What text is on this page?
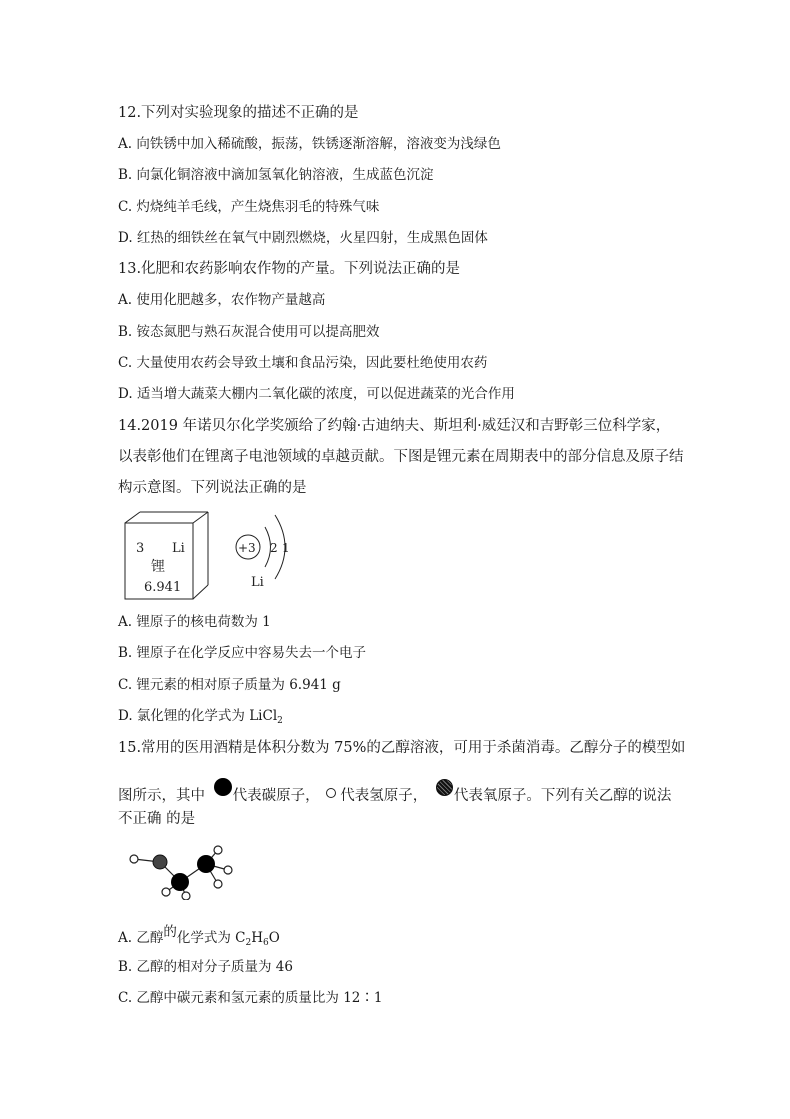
12.下列对实验现象的描述不正确的是
A. 向铁锈中加入稀硫酸，振荡，铁锈逐渐溶解，溶液变为浅绿色
B. 向氯化铜溶液中滴加氢氧化钠溶液，生成蓝色沉淀
C. 灼烧纯羊毛线，产生烧焦羽毛的特殊气味
D. 红热的细铁丝在氧气中剧烈燃烧，火星四射，生成黑色固体
13.化肥和农药影响农作物的产量。下列说法正确的是
A. 使用化肥越多，农作物产量越高
B. 铵态氮肥与熟石灰混合使用可以提高肥效
C. 大量使用农药会导致土壤和食品污染，因此要杜绝使用农药
D. 适当增大蔬菜大棚内二氧化碳的浓度，可以促进蔬菜的光合作用
14.2019 年诺贝尔化学奖颁给了约翰·古迪纳夫、斯坦利·威廷汉和吉野彰三位科学家，
以表彰他们在锂离子电池领域的卓越贡献。下图是锂元素在周期表中的部分信息及原子结
构示意图。下列说法正确的是
3 Li
锂
6.941
+3 2 1
Li
A. 锂原子的核电荷数为 1
B. 锂原子在化学反应中容易失去一个电子
C. 锂元素的相对原子质量为 6.941 g
D. 氯化锂的化学式为 LiCl$_2$
15.常用的医用酒精是体积分数为 75%的乙醇溶液，可用于杀菌消毒。乙醇分子的模型如
图所示，其中 代表碳原子， 代表氢原子， 代表氧原子。下列有关乙醇的说法
不正确 的是
A. 乙醇的化学式为 $C_2H_6O$
B. 乙醇的相对分子质量为 46
C. 乙醇中碳元素和氢元素的质量比为 12∶1
